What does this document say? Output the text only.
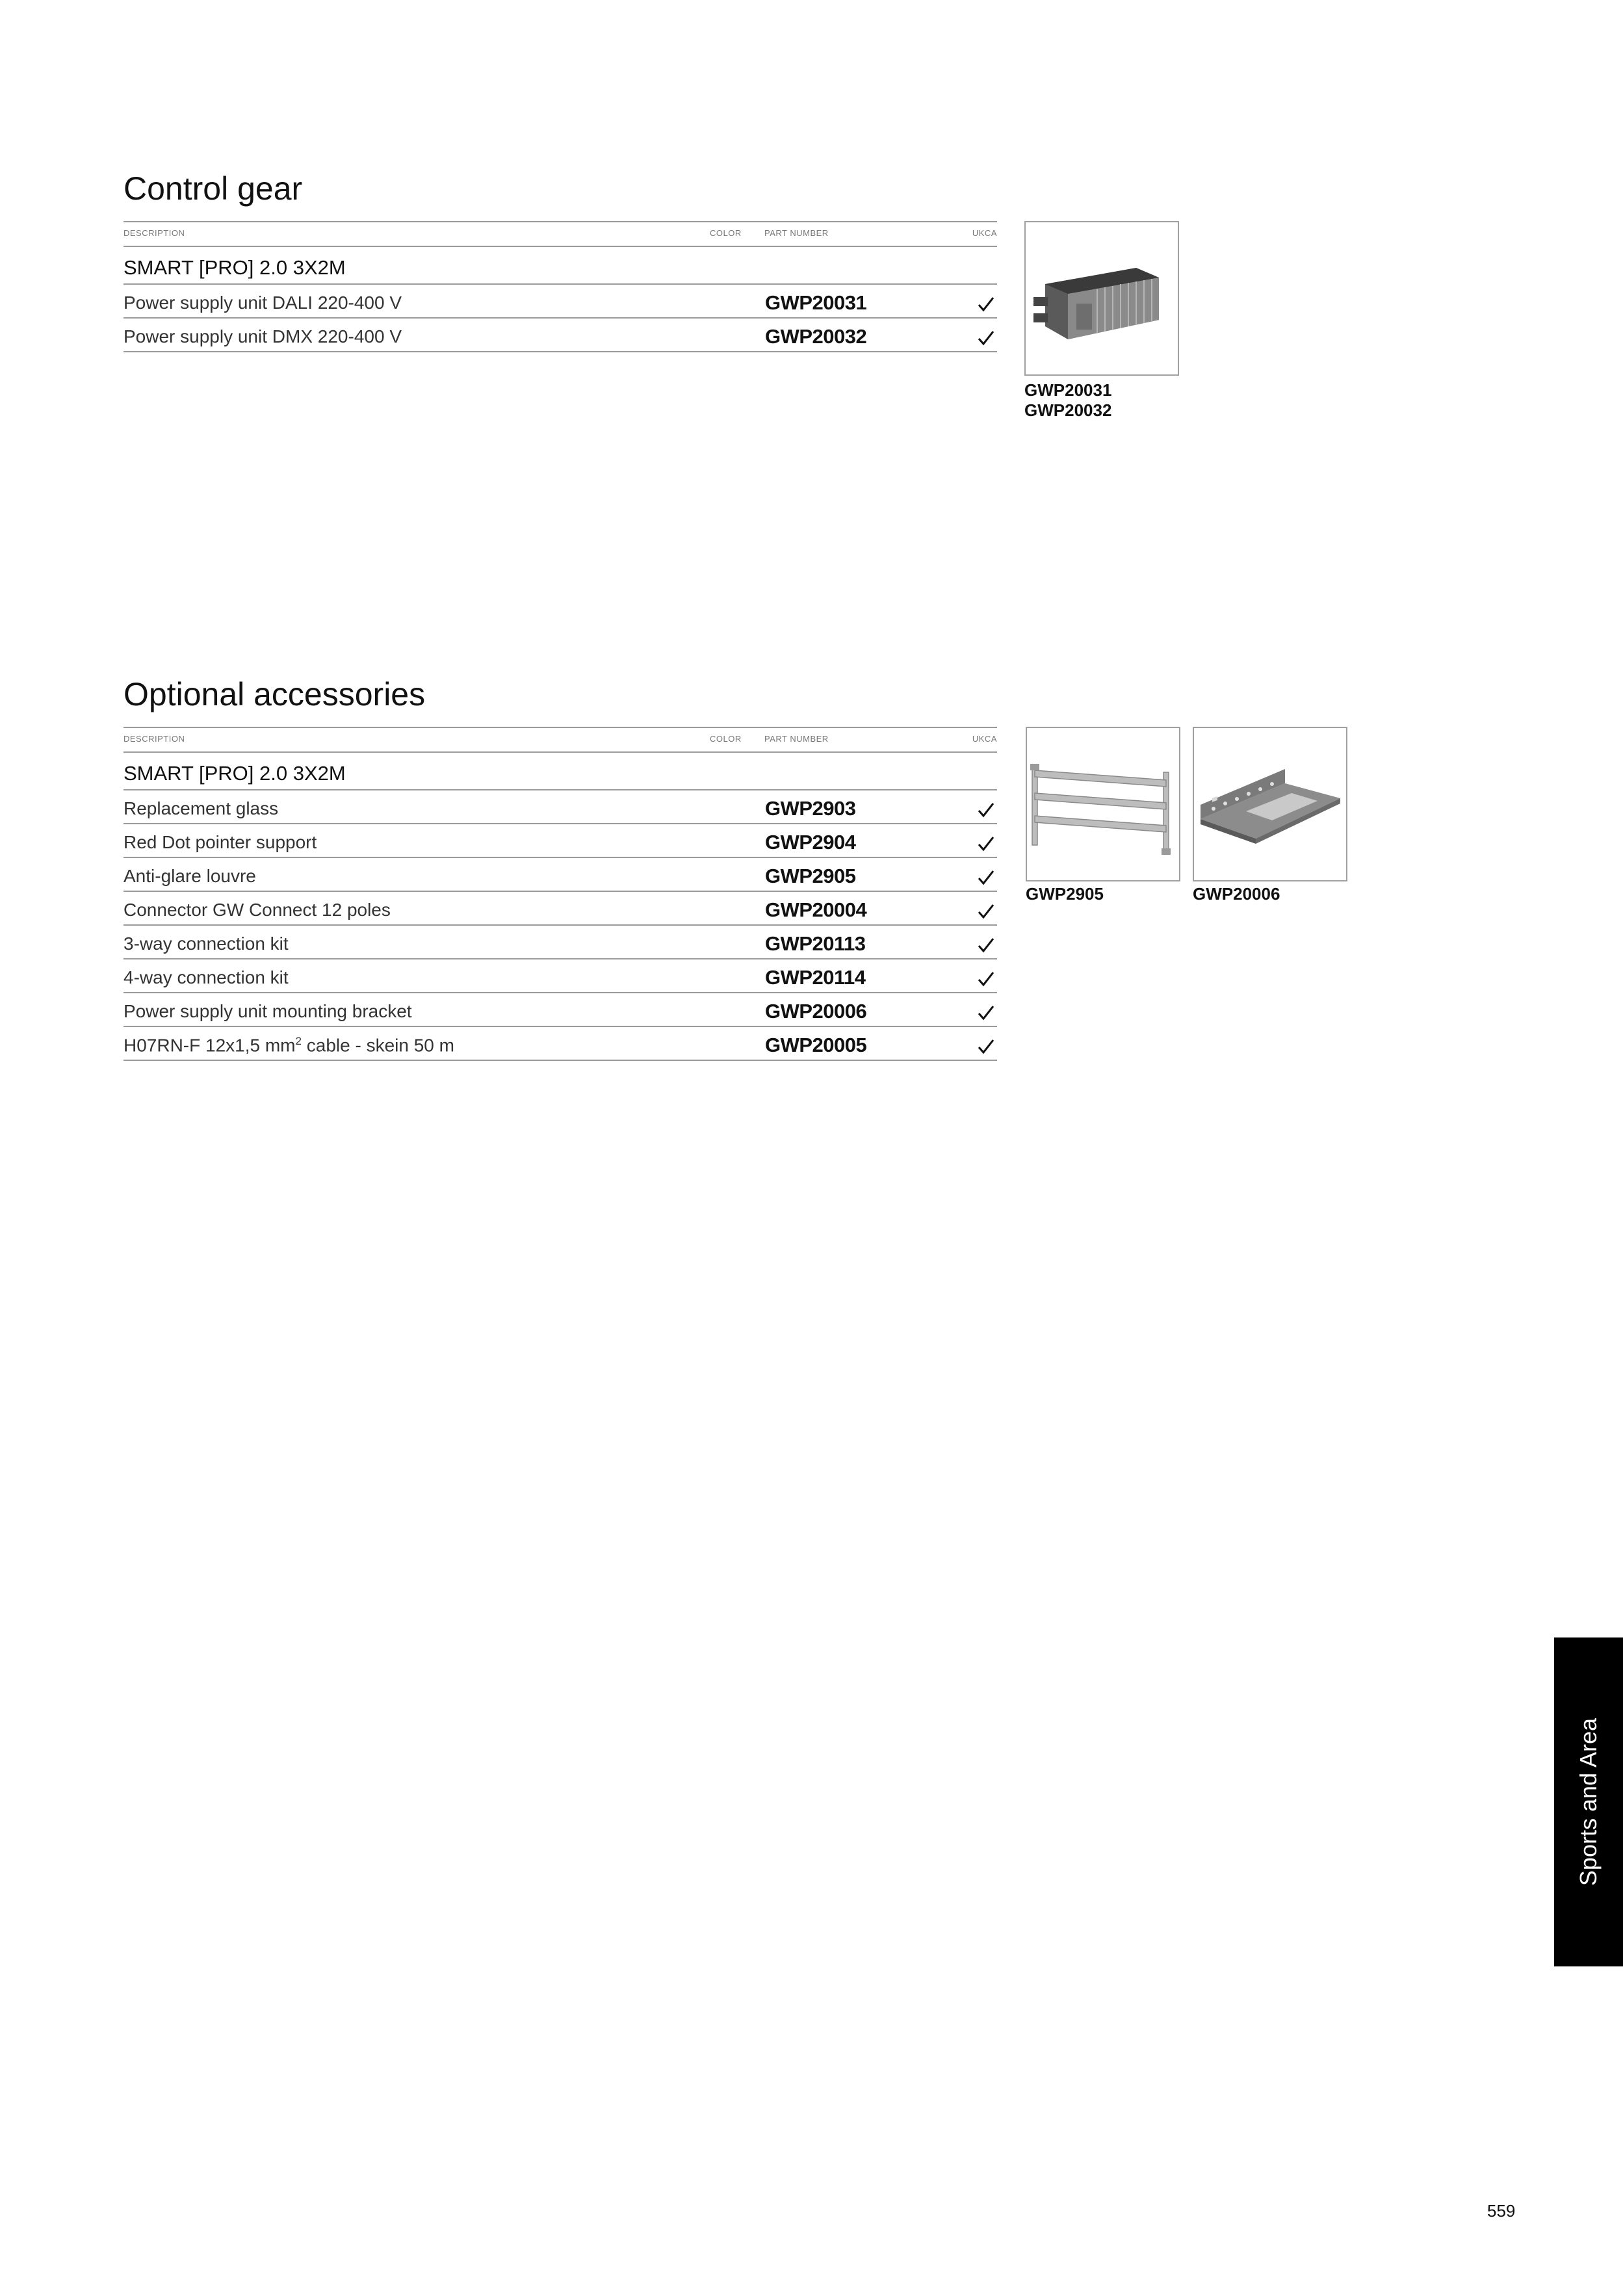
Control gear
DESCRIPTION	COLOR	PART NUMBER	UKCA
SMART [PRO] 2.0 3X2M
Power supply unit DALI 220-400 V	GWP20031
Power supply unit DMX 220-400 V	GWP20032
GWP20031
GWP20032
Optional accessories
DESCRIPTION	COLOR	PART NUMBER	UKCA
SMART [PRO] 2.0 3X2M
Replacement glass	GWP2903
Red Dot pointer support	GWP2904
Anti-glare louvre	GWP2905
Connector GW Connect 12 poles	GWP20004
3-way connection kit	GWP20113
4-way connection kit	GWP20114
Power supply unit mounting bracket	GWP20006
H07RN-F 12x1,5 $mm^2$ cable - skein 50 m	GWP20005
GWP2905	GWP20006
Sports and Area
559
